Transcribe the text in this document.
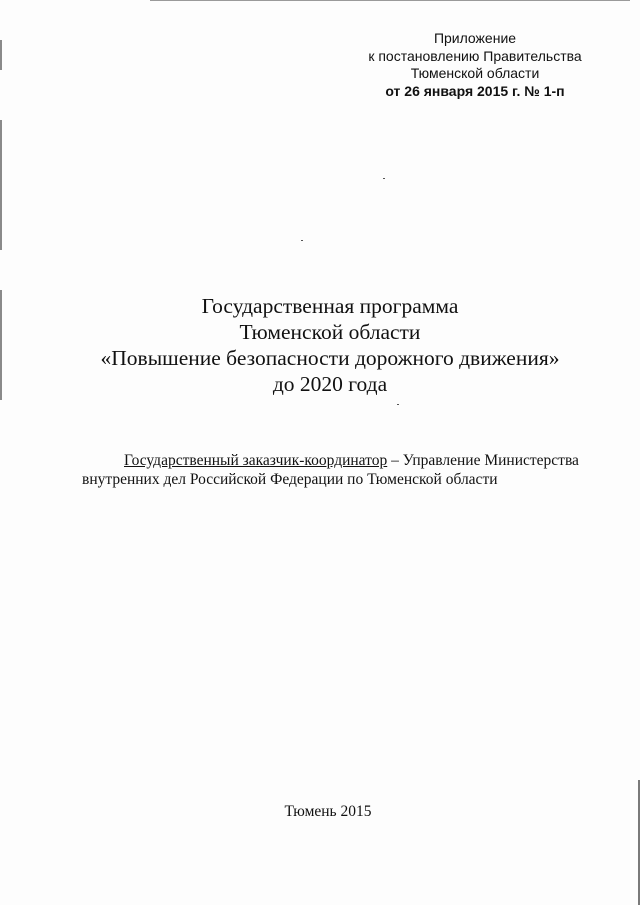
Приложение
к постановлению Правительства
Тюменской области
от 26 января 2015 г. № 1-п
Государственная программа
Тюменской области
«Повышение безопасности дорожного движения»
до 2020 года
Государственный заказчик-координатор – Управление Министерства
внутренних дел Российской Федерации по Тюменской области
Тюмень 2015
